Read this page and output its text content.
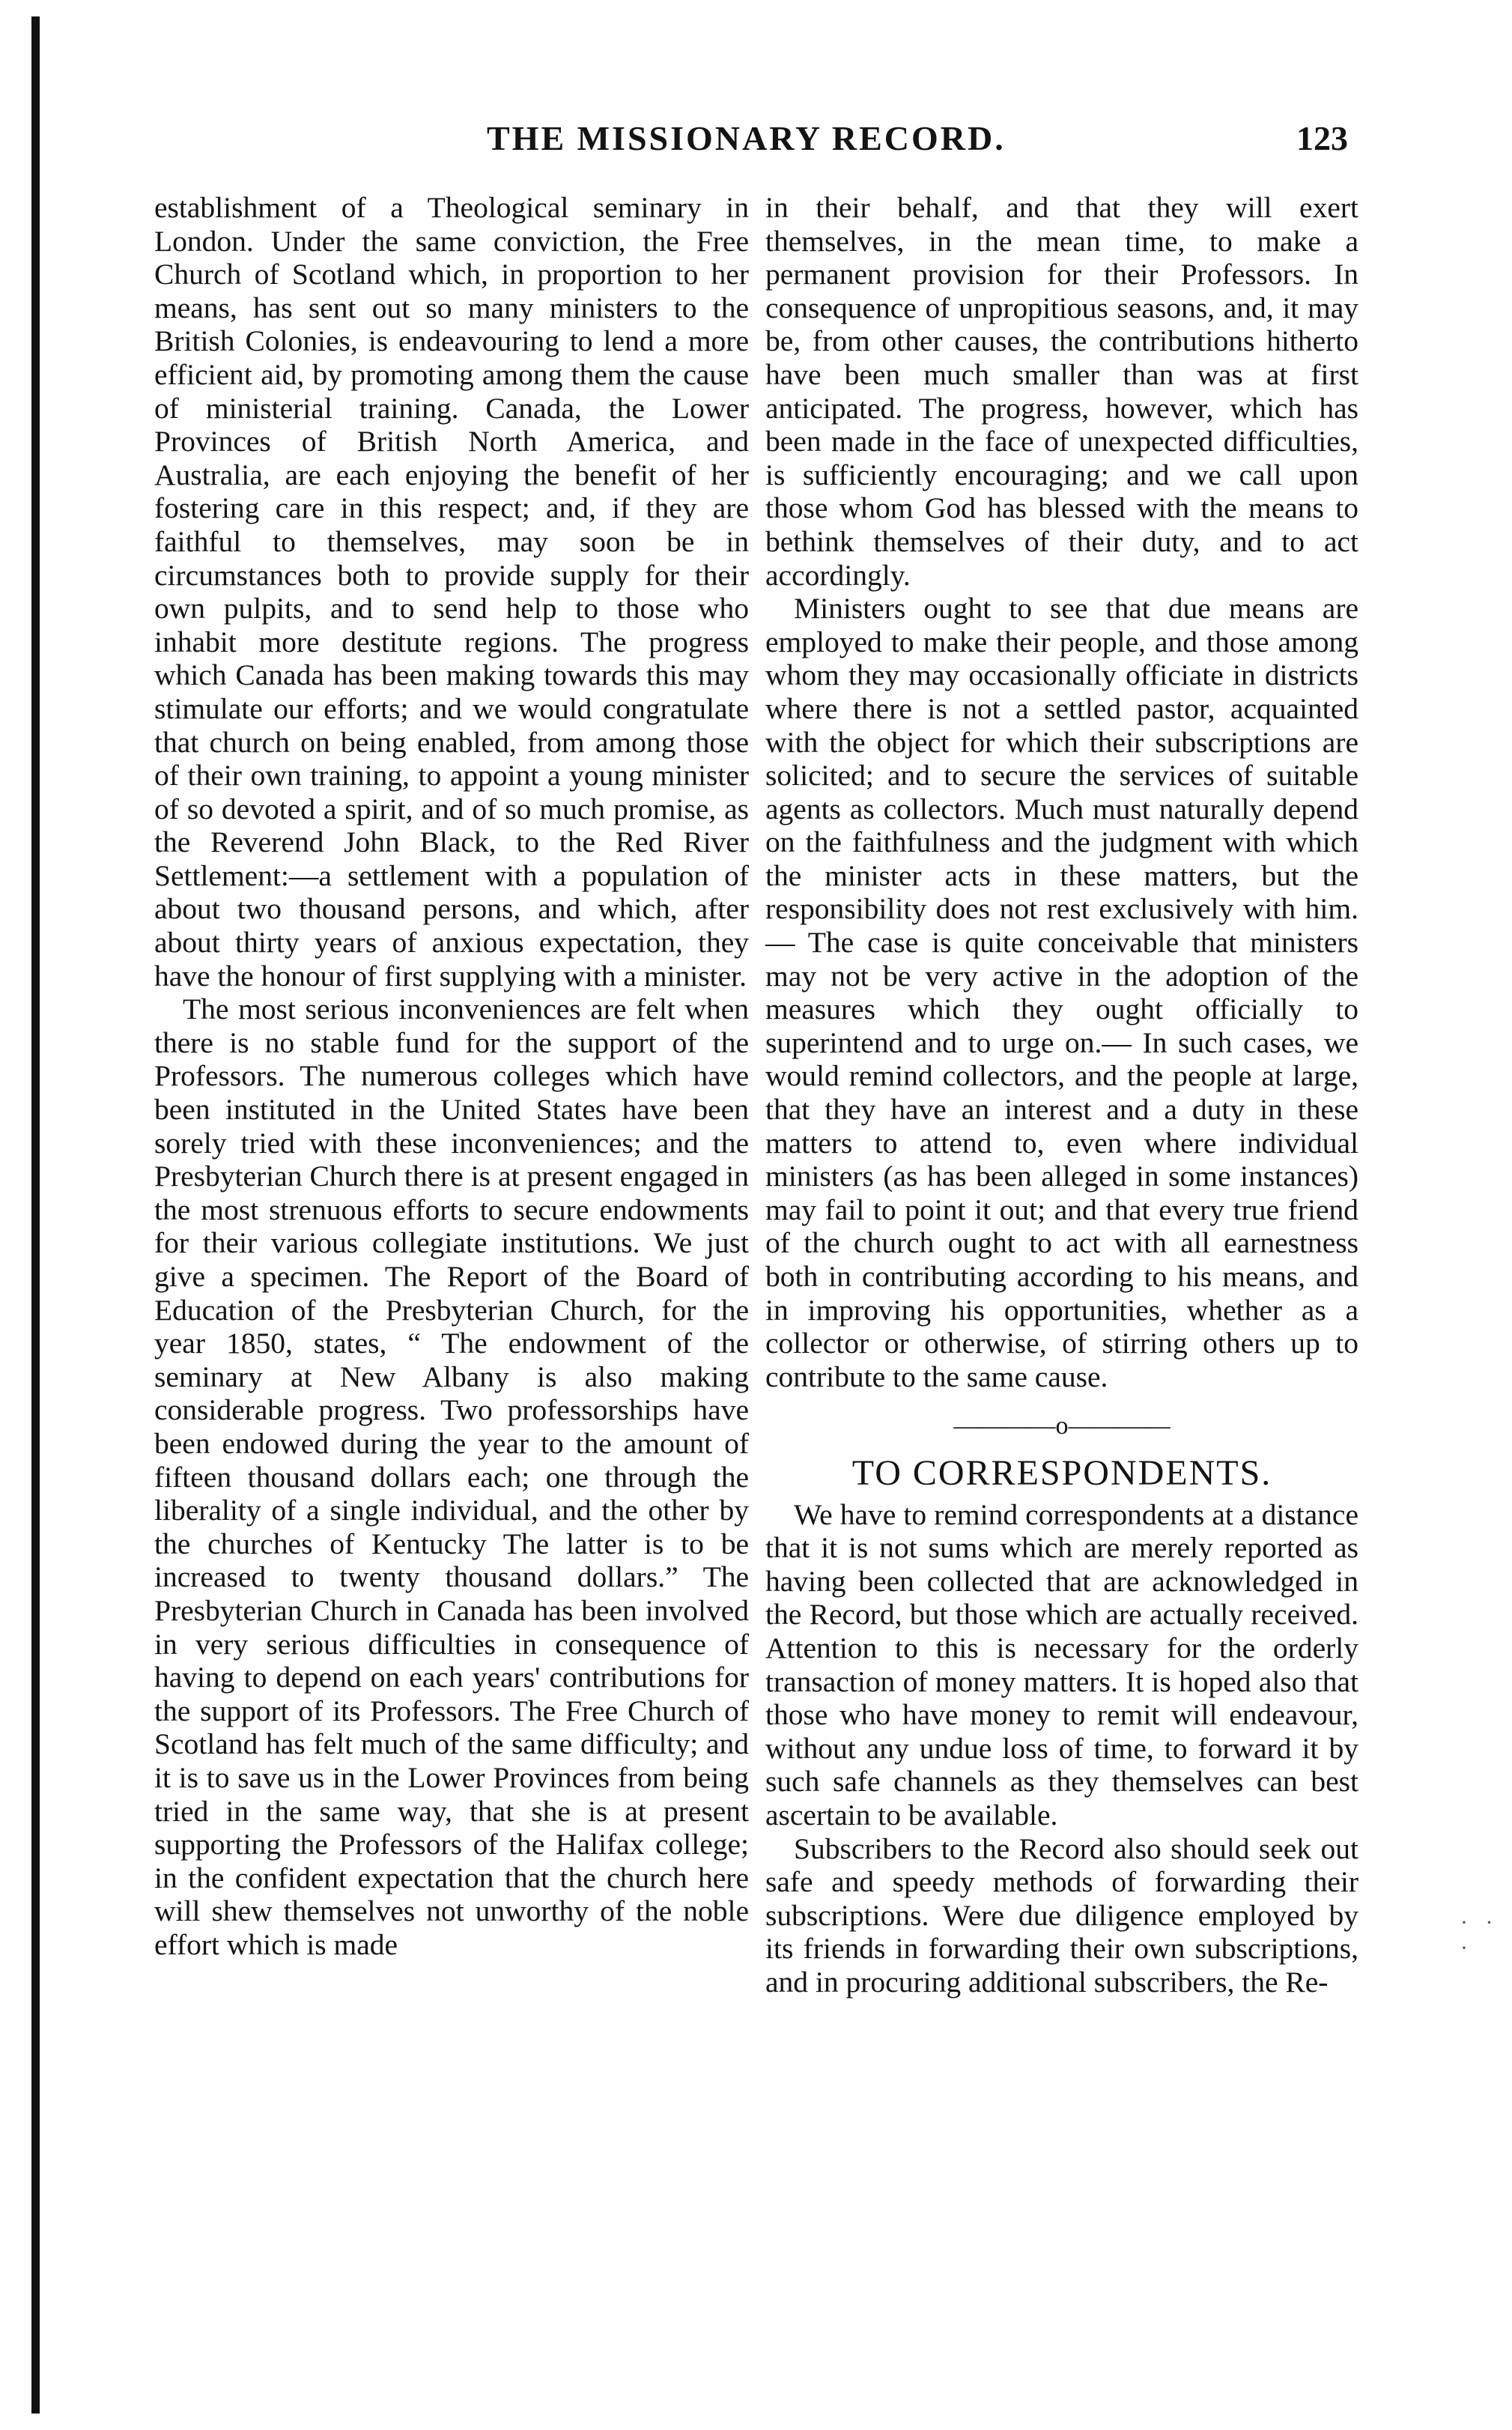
THE MISSIONARY RECORD.	123

establishment of a Theological seminary in London. Under the same conviction, the Free Church of Scotland which, in proportion to her means, has sent out so many ministers to the British Colonies, is endeavouring to lend a more efficient aid, by promoting among them the cause of ministerial training. Canada, the Lower Provinces of British North America, and Australia, are each enjoying the benefit of her fostering care in this respect; and, if they are faithful to themselves, may soon be in circumstances both to provide supply for their own pulpits, and to send help to those who inhabit more destitute regions. The progress which Canada has been making towards this may stimulate our efforts; and we would congratulate that church on being enabled, from among those of their own training, to appoint a young minister of so devoted a spirit, and of so much promise, as the Reverend John Black, to the Red River Settlement:—a settlement with a population of about two thousand persons, and which, after about thirty years of anxious expectation, they have the honour of first supplying with a minister.

The most serious inconveniences are felt when there is no stable fund for the support of the Professors. The numerous colleges which have been instituted in the United States have been sorely tried with these inconveniences; and the Presbyterian Church there is at present engaged in the most strenuous efforts to secure endowments for their various collegiate institutions. We just give a specimen. The Report of the Board of Education of the Presbyterian Church, for the year 1850, states, “ The endowment of the seminary at New Albany is also making considerable progress. Two professorships have been endowed during the year to the amount of fifteen thousand dollars each; one through the liberality of a single individual, and the other by the churches of Kentucky The latter is to be increased to twenty thousand dollars.” The Presbyterian Church in Canada has been involved in very serious difficulties in consequence of having to depend on each years' contributions for the support of its Professors. The Free Church of Scotland has felt much of the same difficulty; and it is to save us in the Lower Provinces from being tried in the same way, that she is at present supporting the Professors of the Halifax college; in the confident expectation that the church here will shew themselves not unworthy of the noble effort which is made

in their behalf, and that they will exert themselves, in the mean time, to make a permanent provision for their Professors. In consequence of unpropitious seasons, and, it may be, from other causes, the contributions hitherto have been much smaller than was at first anticipated. The progress, however, which has been made in the face of unexpected difficulties, is sufficiently encouraging; and we call upon those whom God has blessed with the means to bethink themselves of their duty, and to act accordingly.

Ministers ought to see that due means are employed to make their people, and those among whom they may occasionally officiate in districts where there is not a settled pastor, acquainted with the object for which their subscriptions are solicited; and to secure the services of suitable agents as collectors. Much must naturally depend on the faithfulness and the judgment with which the minister acts in these matters, but the responsibility does not rest exclusively with him.— The case is quite conceivable that ministers may not be very active in the adoption of the measures which they ought officially to superintend and to urge on.— In such cases, we would remind collectors, and the people at large, that they have an interest and a duty in these matters to attend to, even where individual ministers (as has been alleged in some instances) may fail to point it out; and that every true friend of the church ought to act with all earnestness both in contributing according to his means, and in improving his opportunities, whether as a collector or otherwise, of stirring others up to contribute to the same cause.

————o————
TO CORRESPONDENTS.

We have to remind correspondents at a distance that it is not sums which are merely reported as having been collected that are acknowledged in the Record, but those which are actually received. Attention to this is necessary for the orderly transaction of money matters. It is hoped also that those who have money to remit will endeavour, without any undue loss of time, to forward it by such safe channels as they themselves can best ascertain to be available.

Subscribers to the Record also should seek out safe and speedy methods of forwarding their subscriptions. Were due diligence employed by its friends in forwarding their own subscriptions, and in procuring additional subscribers, the Re-

· · ·
